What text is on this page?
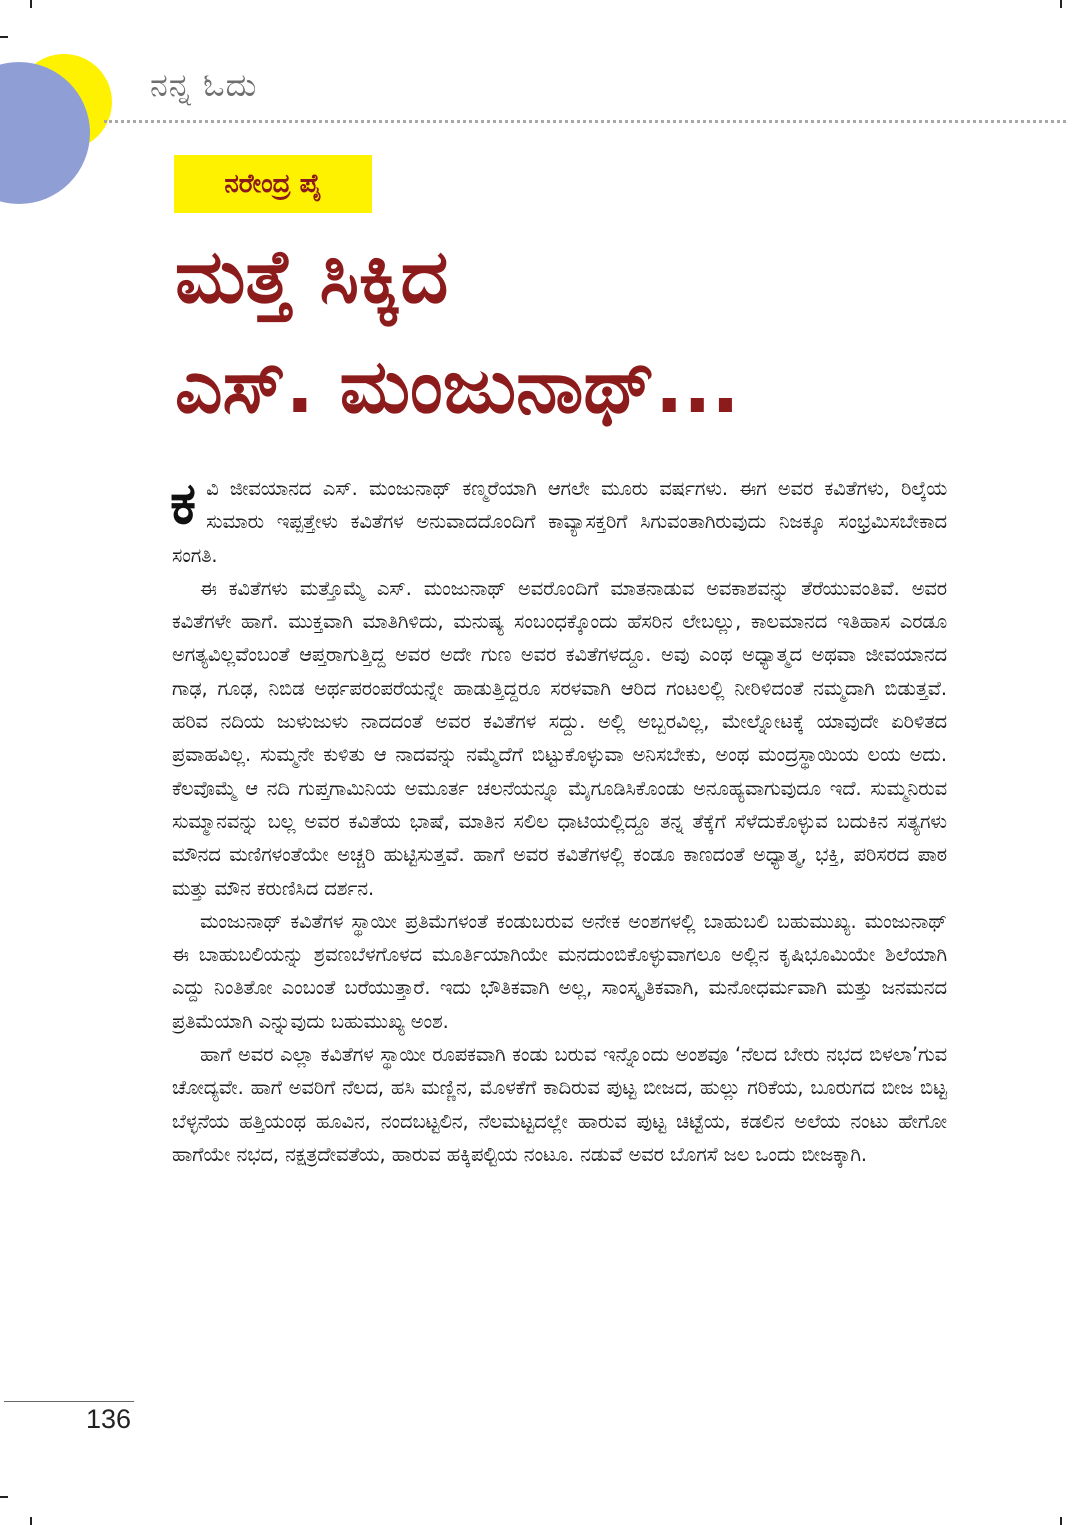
ನನ್ನ ಓದು
ನರೇಂದ್ರ ಪೈ
ಮತ್ತೆ ಸಿಕ್ಕಿದ
ಎಸ್. ಮಂಜುನಾಥ್...

ಕವಿ ಜೀವಯಾನದ ಎಸ್. ಮಂಜುನಾಥ್ ಕಣ್ಮರೆಯಾಗಿ ಆಗಲೇ ಮೂರು ವರ್ಷಗಳು. ಈಗ ಅವರ ಕವಿತೆಗಳು, ರಿಲ್ಕೆಯ ಸುಮಾರು ಇಪ್ಪತ್ತೇಳು ಕವಿತೆಗಳ ಅನುವಾದದೊಂದಿಗೆ ಕಾವ್ಯಾಸಕ್ತರಿಗೆ ಸಿಗುವಂತಾಗಿರುವುದು ನಿಜಕ್ಕೂ ಸಂಭ್ರಮಿಸಬೇಕಾದ ಸಂಗತಿ.

ಈ ಕವಿತೆಗಳು ಮತ್ತೊಮ್ಮೆ ಎಸ್. ಮಂಜುನಾಥ್ ಅವರೊಂದಿಗೆ ಮಾತನಾಡುವ ಅವಕಾಶವನ್ನು ತೆರೆಯುವಂತಿವೆ. ಅವರ ಕವಿತೆಗಳೇ ಹಾಗೆ. ಮುಕ್ತವಾಗಿ ಮಾತಿಗಿಳಿದು, ಮನುಷ್ಯ ಸಂಬಂಧಕ್ಕೊಂದು ಹೆಸರಿನ ಲೇಬಲ್ಲು, ಕಾಲಮಾನದ ಇತಿಹಾಸ ಎರಡೂ ಅಗತ್ಯವಿಲ್ಲವೆಂಬಂತೆ ಆಪ್ತರಾಗುತ್ತಿದ್ದ ಅವರ ಅದೇ ಗುಣ ಅವರ ಕವಿತೆಗಳದ್ದೂ. ಅವು ಎಂಥ ಅಧ್ಯಾತ್ಮದ ಅಥವಾ ಜೀವಯಾನದ ಗಾಢ, ಗೂಢ, ನಿಬಿಡ ಅರ್ಥಪರಂಪರೆಯನ್ನೇ ಹಾಡುತ್ತಿದ್ದರೂ ಸರಳವಾಗಿ ಆರಿದ ಗಂಟಲಲ್ಲಿ ನೀರಿಳಿದಂತೆ ನಮ್ಮದಾಗಿ ಬಿಡುತ್ತವೆ. ಹರಿವ ನದಿಯ ಜುಳುಜುಳು ನಾದದಂತೆ ಅವರ ಕವಿತೆಗಳ ಸದ್ದು. ಅಲ್ಲಿ ಅಬ್ಬರವಿಲ್ಲ, ಮೇಲ್ನೋಟಕ್ಕೆ ಯಾವುದೇ ಏರಿಳಿತದ ಪ್ರವಾಹವಿಲ್ಲ. ಸುಮ್ಮನೇ ಕುಳಿತು ಆ ನಾದವನ್ನು ನಮ್ಮೆದೆಗೆ ಬಿಟ್ಟುಕೊಳ್ಳುವಾ ಅನಿಸಬೇಕು, ಅಂಥ ಮಂದ್ರಸ್ಥಾಯಿಯ ಲಯ ಅದು. ಕೆಲವೊಮ್ಮೆ ಆ ನದಿ ಗುಪ್ತಗಾಮಿನಿಯ ಅಮೂರ್ತ ಚಲನೆಯನ್ನೂ ಮೈಗೂಡಿಸಿಕೊಂಡು ಅನೂಹ್ಯವಾಗುವುದೂ ಇದೆ. ಸುಮ್ಮನಿರುವ ಸುಮ್ಮಾನವನ್ನು ಬಲ್ಲ ಅವರ ಕವಿತೆಯ ಭಾಷೆ, ಮಾತಿನ ಸಲಿಲ ಧಾಟಿಯಲ್ಲಿದ್ದೂ ತನ್ನ ತೆಕ್ಕೆಗೆ ಸೆಳೆದುಕೊಳ್ಳುವ ಬದುಕಿನ ಸತ್ಯಗಳು ಮೌನದ ಮಣಿಗಳಂತೆಯೇ ಅಚ್ಚರಿ ಹುಟ್ಟಿಸುತ್ತವೆ. ಹಾಗೆ ಅವರ ಕವಿತೆಗಳಲ್ಲಿ ಕಂಡೂ ಕಾಣದಂತೆ ಅಧ್ಯಾತ್ಮ, ಭಕ್ತಿ, ಪರಿಸರದ ಪಾಠ ಮತ್ತು ಮೌನ ಕರುಣಿಸಿದ ದರ್ಶನ.

ಮಂಜುನಾಥ್ ಕವಿತೆಗಳ ಸ್ಥಾಯೀ ಪ್ರತಿಮೆಗಳಂತೆ ಕಂಡುಬರುವ ಅನೇಕ ಅಂಶಗಳಲ್ಲಿ ಬಾಹುಬಲಿ ಬಹುಮುಖ್ಯ. ಮಂಜುನಾಥ್ ಈ ಬಾಹುಬಲಿಯನ್ನು ಶ್ರವಣಬೆಳಗೊಳದ ಮೂರ್ತಿಯಾಗಿಯೇ ಮನದುಂಬಿಕೊಳ್ಳುವಾಗಲೂ ಅಲ್ಲಿನ ಕೃಷಿಭೂಮಿಯೇ ಶಿಲೆಯಾಗಿ ಎದ್ದು ನಿಂತಿತೋ ಎಂಬಂತೆ ಬರೆಯುತ್ತಾರೆ. ಇದು ಭೌತಿಕವಾಗಿ ಅಲ್ಲ, ಸಾಂಸ್ಕೃತಿಕವಾಗಿ, ಮನೋಧರ್ಮವಾಗಿ ಮತ್ತು ಜನಮನದ ಪ್ರತಿಮೆಯಾಗಿ ಎನ್ನುವುದು ಬಹುಮುಖ್ಯ ಅಂಶ.

ಹಾಗೆ ಅವರ ಎಲ್ಲಾ ಕವಿತೆಗಳ ಸ್ಥಾಯೀ ರೂಪಕವಾಗಿ ಕಂಡು ಬರುವ ಇನ್ನೊಂದು ಅಂಶವೂ ‘ನೆಲದ ಬೇರು ನಭದ ಬಿಳಲಾ’ಗುವ ಚೋದ್ಯವೇ. ಹಾಗೆ ಅವರಿಗೆ ನೆಲದ, ಹಸಿ ಮಣ್ಣಿನ, ಮೊಳಕೆಗೆ ಕಾದಿರುವ ಪುಟ್ಟ ಬೀಜದ, ಹುಲ್ಲು ಗರಿಕೆಯ, ಬೂರುಗದ ಬೀಜ ಬಿಟ್ಟ ಬೆಳ್ಳನೆಯ ಹತ್ತಿಯಂಥ ಹೂವಿನ, ನಂದಬಟ್ಟಲಿನ, ನೆಲಮಟ್ಟದಲ್ಲೇ ಹಾರುವ ಪುಟ್ಟ ಚಿಟ್ಟೆಯ, ಕಡಲಿನ ಅಲೆಯ ನಂಟು ಹೇಗೋ ಹಾಗೆಯೇ ನಭದ, ನಕ್ಷತ್ರದೇವತೆಯ, ಹಾರುವ ಹಕ್ಕಿಪಲ್ಟಿಯ ನಂಟೂ. ನಡುವೆ ಅವರ ಬೊಗಸೆ ಜಲ ಒಂದು ಬೀಜಕ್ಕಾಗಿ.

136
